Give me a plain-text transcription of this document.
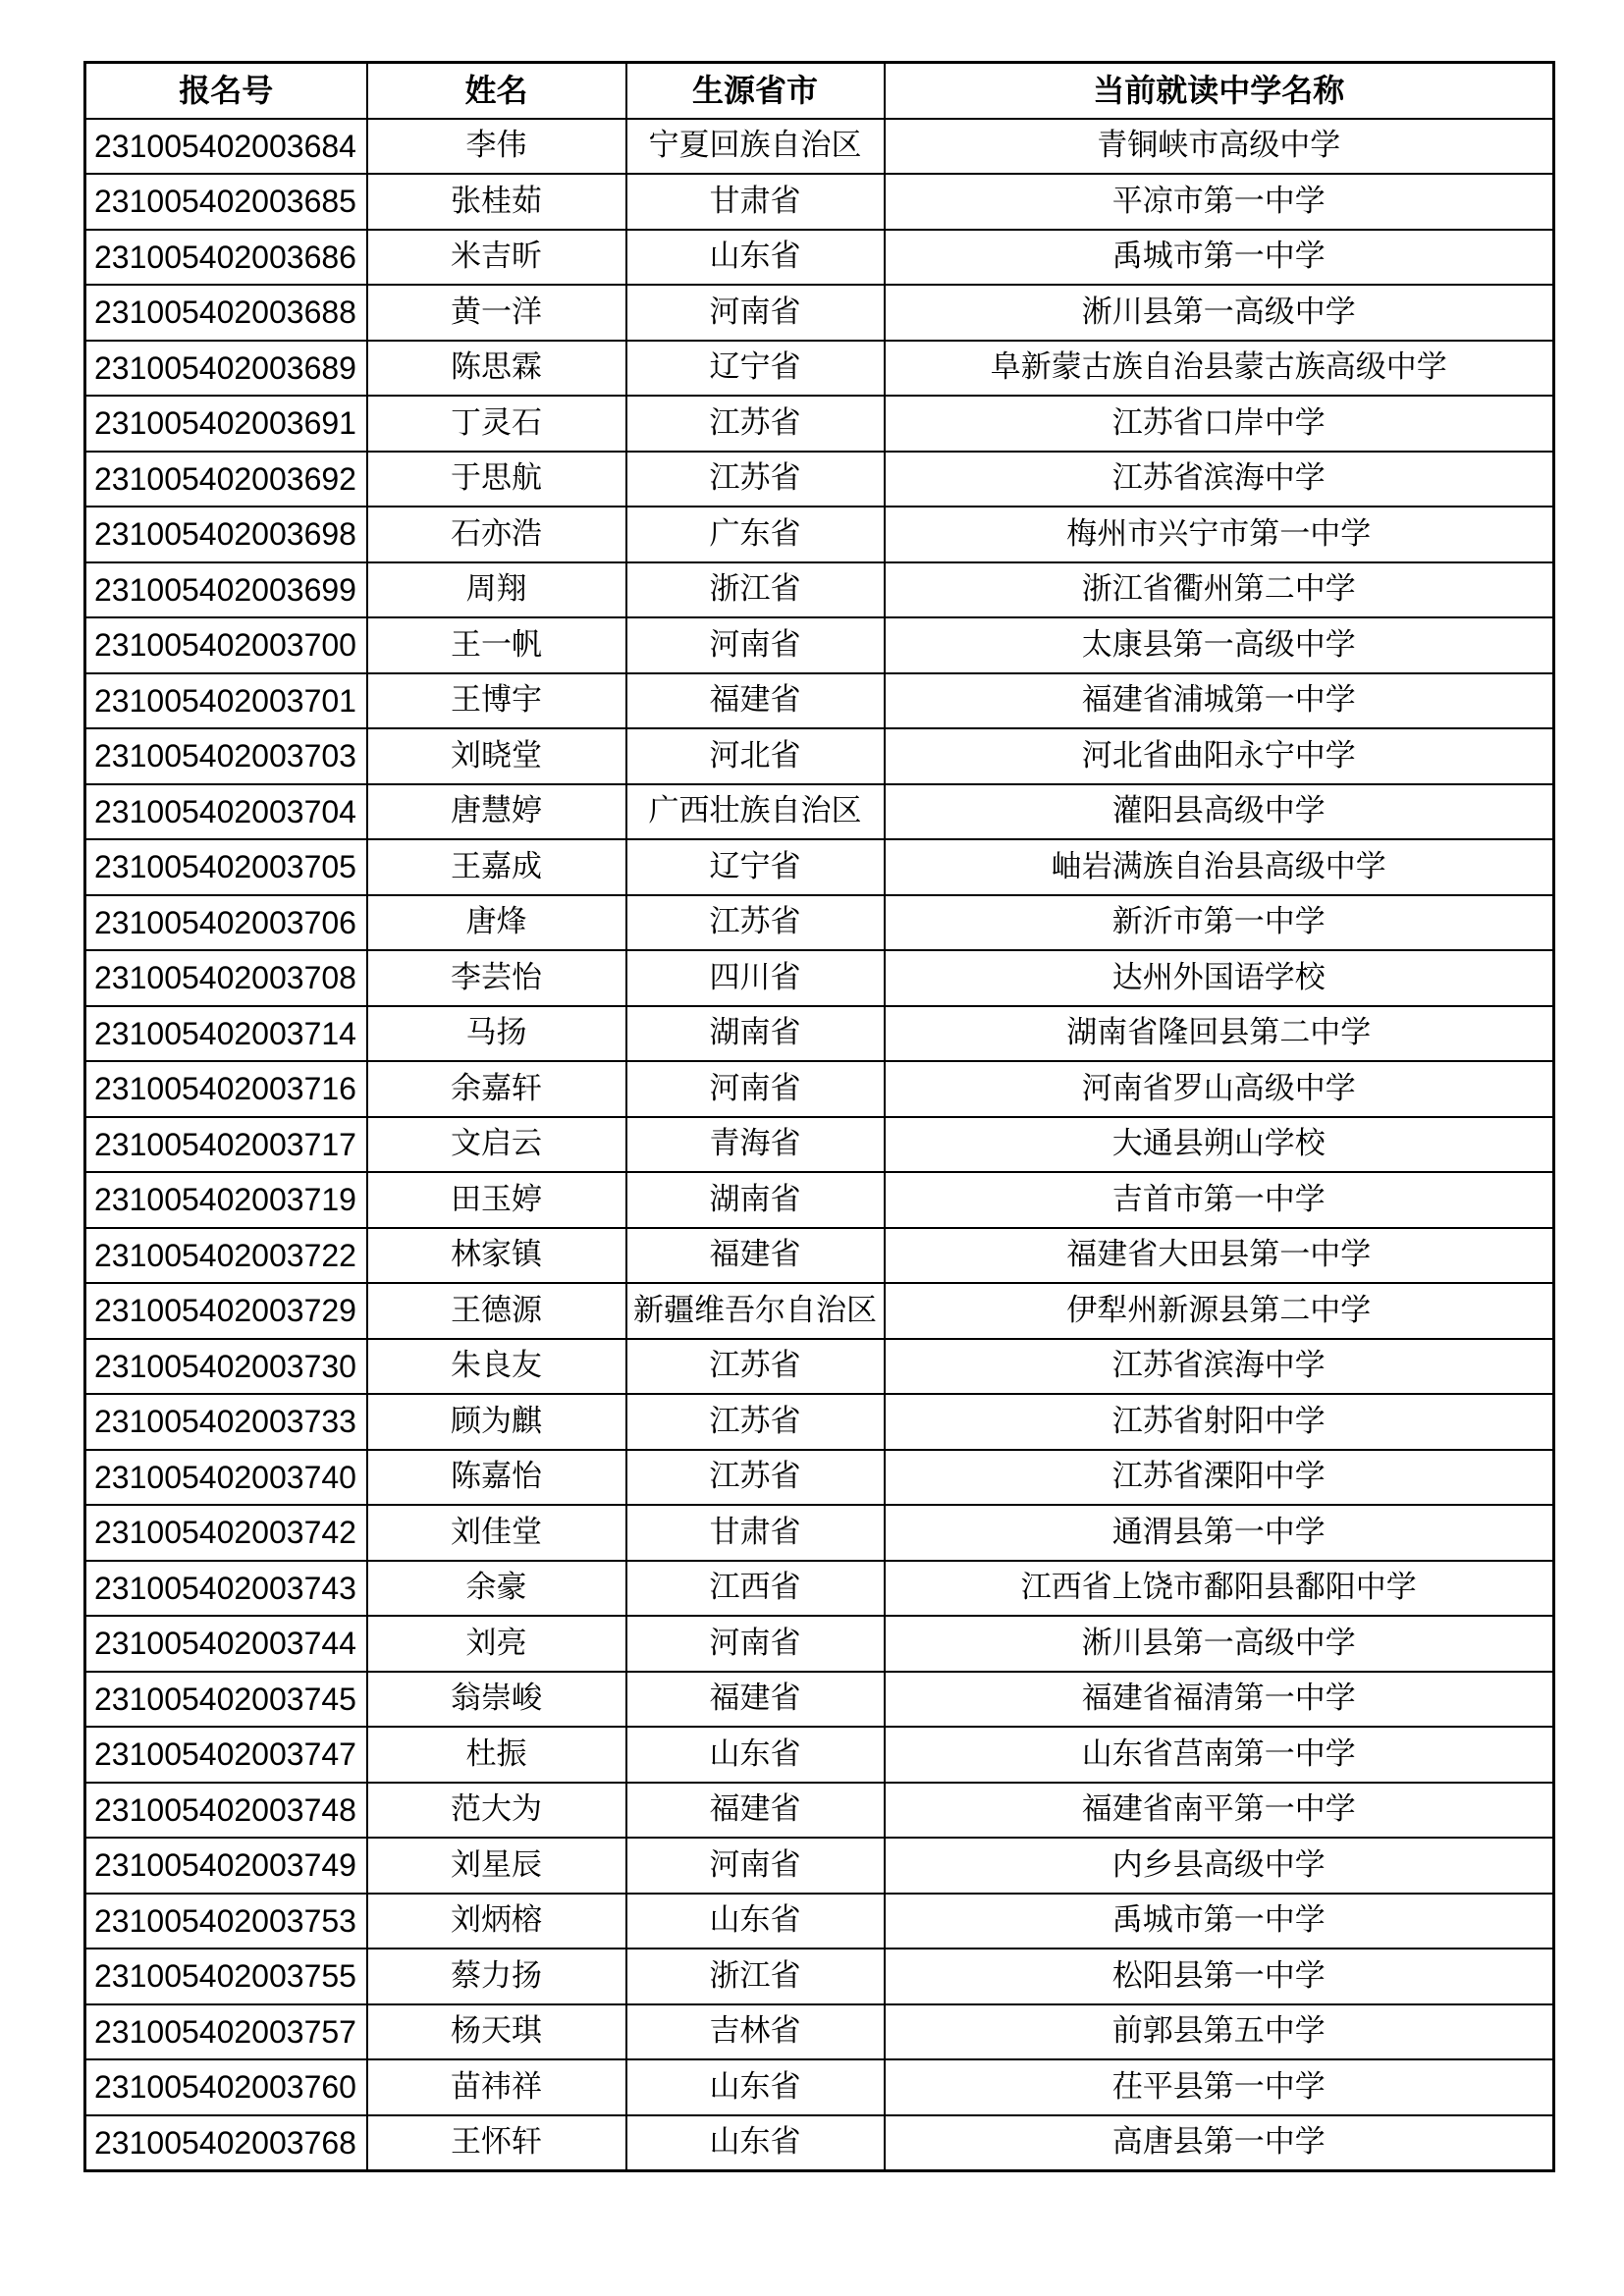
报名号	姓名	生源省市	当前就读中学名称
231005402003684	李伟	宁夏回族自治区	青铜峡市高级中学
231005402003685	张桂茹	甘肃省	平凉市第一中学
231005402003686	米吉昕	山东省	禹城市第一中学
231005402003688	黄一洋	河南省	淅川县第一高级中学
231005402003689	陈思霖	辽宁省	阜新蒙古族自治县蒙古族高级中学
231005402003691	丁灵石	江苏省	江苏省口岸中学
231005402003692	于思航	江苏省	江苏省滨海中学
231005402003698	石亦浩	广东省	梅州市兴宁市第一中学
231005402003699	周翔	浙江省	浙江省衢州第二中学
231005402003700	王一帆	河南省	太康县第一高级中学
231005402003701	王博宇	福建省	福建省浦城第一中学
231005402003703	刘晓堂	河北省	河北省曲阳永宁中学
231005402003704	唐慧婷	广西壮族自治区	灌阳县高级中学
231005402003705	王嘉成	辽宁省	岫岩满族自治县高级中学
231005402003706	唐烽	江苏省	新沂市第一中学
231005402003708	李芸怡	四川省	达州外国语学校
231005402003714	马扬	湖南省	湖南省隆回县第二中学
231005402003716	余嘉轩	河南省	河南省罗山高级中学
231005402003717	文启云	青海省	大通县朔山学校
231005402003719	田玉婷	湖南省	吉首市第一中学
231005402003722	林家镇	福建省	福建省大田县第一中学
231005402003729	王德源	新疆维吾尔自治区	伊犁州新源县第二中学
231005402003730	朱良友	江苏省	江苏省滨海中学
231005402003733	顾为麒	江苏省	江苏省射阳中学
231005402003740	陈嘉怡	江苏省	江苏省溧阳中学
231005402003742	刘佳堂	甘肃省	通渭县第一中学
231005402003743	余豪	江西省	江西省上饶市鄱阳县鄱阳中学
231005402003744	刘亮	河南省	淅川县第一高级中学
231005402003745	翁崇峻	福建省	福建省福清第一中学
231005402003747	杜振	山东省	山东省莒南第一中学
231005402003748	范大为	福建省	福建省南平第一中学
231005402003749	刘星辰	河南省	内乡县高级中学
231005402003753	刘炳榕	山东省	禹城市第一中学
231005402003755	蔡力扬	浙江省	松阳县第一中学
231005402003757	杨天琪	吉林省	前郭县第五中学
231005402003760	苗祎祥	山东省	茌平县第一中学
231005402003768	王怀轩	山东省	高唐县第一中学
